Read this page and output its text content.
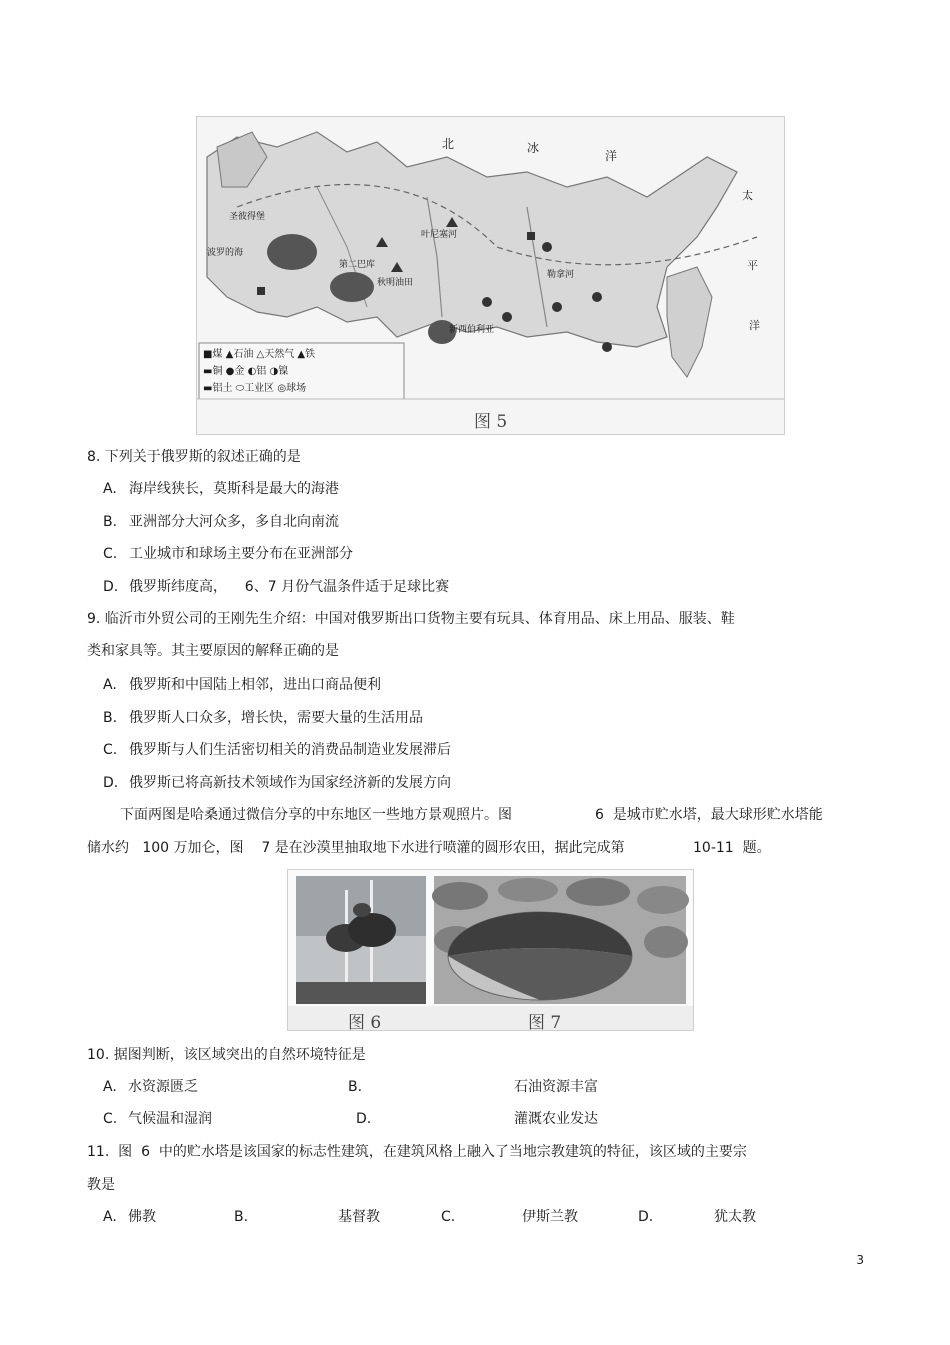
北	冰
洋
太
平
洋
圣彼得堡
第二巴库
秋明油田
新西伯利亚
波罗的海
叶尼塞河
勒拿河
■煤 ▲石油 △天然气 ▲铁
▬铜 ●金 ◐铝 ◑镍
▬铝土 ⬭工业区 ◎球场
图 5
8. 下列关于俄罗斯的叙述正确的是
A. 海岸线狭长，莫斯科是最大的海港
B. 亚洲部分大河众多，多自北向南流
C. 工业城市和球场主要分布在亚洲部分
D. 俄罗斯纬度高，    6、7 月份气温条件适于足球比赛
9. 临沂市外贸公司的王刚先生介绍：中国对俄罗斯出口货物主要有玩具、体育用品、床上用品、服装、鞋
类和家具等。其主要原因的解释正确的是
A. 俄罗斯和中国陆上相邻，进出口商品便利
B. 俄罗斯人口众多，增长快，需要大量的生活用品
C. 俄罗斯与人们生活密切相关的消费品制造业发展滞后
D. 俄罗斯已将高新技术领域作为国家经济新的发展方向
下面两图是哈桑通过微信分享的中东地区一些地方景观照片。图	6  是城市贮水塔，最大球形贮水塔能
储水约   100 万加仑，图    7 是在沙漠里抽取地下水进行喷灌的圆形农田，据此完成第	10-11  题。
图 6	图 7
10. 据图判断，该区域突出的自然环境特征是
A. 水资源匮乏	B.	石油资源丰富
C. 气候温和湿润	D.	灌溉农业发达
11.  图  6  中的贮水塔是该国家的标志性建筑，在建筑风格上融入了当地宗教建筑的特征，该区域的主要宗
教是
A. 佛教	B.	基督教	C.	伊斯兰教	D.	犹太教
3
